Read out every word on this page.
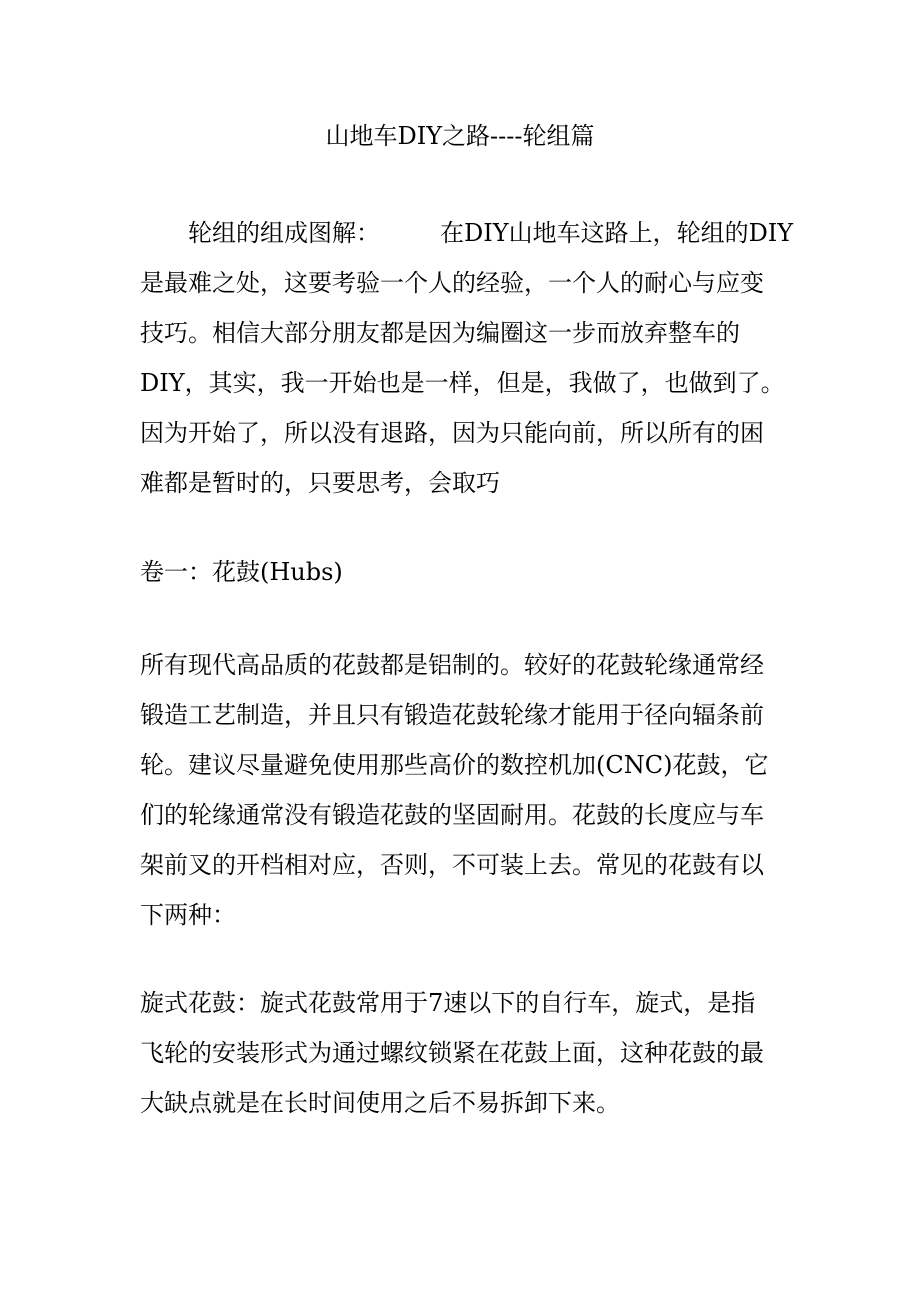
山地车DIY之路----轮组篇
　　轮组的组成图解：　　　在DIY山地车这路上，轮组的DIY
是最难之处，这要考验一个人的经验，一个人的耐心与应变
技巧。相信大部分朋友都是因为编圈这一步而放弃整车的
DIY，其实，我一开始也是一样，但是，我做了，也做到了。
因为开始了，所以没有退路，因为只能向前，所以所有的困
难都是暂时的，只要思考，会取巧
卷一：花鼓(Hubs)
所有现代高品质的花鼓都是铝制的。较好的花鼓轮缘通常经
锻造工艺制造，并且只有锻造花鼓轮缘才能用于径向辐条前
轮。建议尽量避免使用那些高价的数控机加(CNC)花鼓，它
们的轮缘通常没有锻造花鼓的坚固耐用。花鼓的长度应与车
架前叉的开档相对应，否则，不可装上去。常见的花鼓有以
下两种：
旋式花鼓：旋式花鼓常用于7速以下的自行车，旋式，是指
飞轮的安装形式为通过螺纹锁紧在花鼓上面，这种花鼓的最
大缺点就是在长时间使用之后不易拆卸下来。
